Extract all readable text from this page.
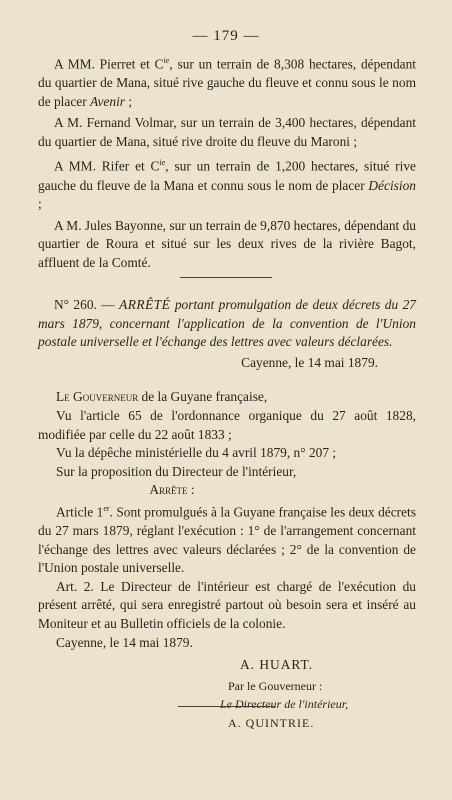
— 179 —

A MM. Pierret et $C^{ie}$, sur un terrain de 8,308 hectares, dépendant du quartier de Mana, situé rive gauche du fleuve et connu sous le nom de placer Avenir ;

A M. Fernand Volmar, sur un terrain de 3,400 hectares, dépendant du quartier de Mana, situé rive droite du fleuve du Maroni ;

A MM. Rifer et $C^{ie}$, sur un terrain de 1,200 hectares, situé rive gauche du fleuve de la Mana et connu sous le nom de placer Décision ;

A M. Jules Bayonne, sur un terrain de 9,870 hectares, dépendant du quartier de Roura et situé sur les deux rives de la rivière Bagot, affluent de la Comté.

N° 260. — ARRÊTÉ portant promulgation de deux décrets du 27 mars 1879, concernant l'application de la convention de l'Union postale universelle et l'échange des lettres avec valeurs déclarées.

Cayenne, le 14 mai 1879.

Le Gouverneur de la Guyane française,

Vu l'article 65 de l'ordonnance organique du 27 août 1828, modifiée par celle du 22 août 1833 ;

Vu la dépêche ministérielle du 4 avril 1879, n° 207 ;

Sur la proposition du Directeur de l'intérieur,

Arrête :

Article 1er. Sont promulgués à la Guyane française les deux décrets du 27 mars 1879, réglant l'exécution : 1° de l'arrangement concernant l'échange des lettres avec valeurs déclarées ; 2° de la convention de l'Union postale universelle.

Art. 2. Le Directeur de l'intérieur est chargé de l'exécution du présent arrêté, qui sera enregistré partout où besoin sera et inséré au Moniteur et au Bulletin officiels de la colonie.

Cayenne, le 14 mai 1879.

A. HUART.
Par le Gouverneur :
Le Directeur de l'intérieur,
A. QUINTRIE.
